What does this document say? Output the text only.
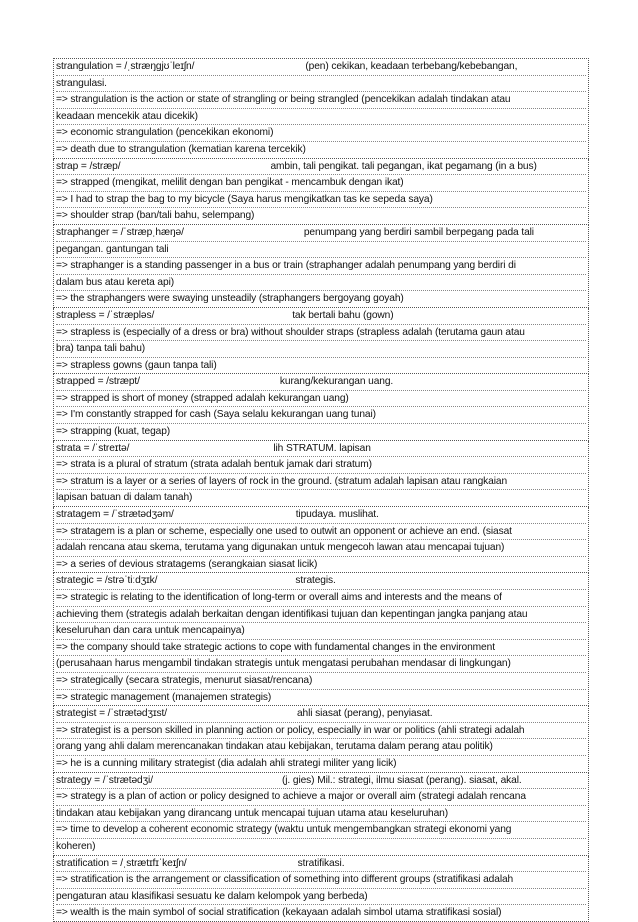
strangulation = /ˌstræŋgjʊˈleɪʃn/	(pen) cekikan, keadaan terbebang/kebebangan,
strangulasi.
=> strangulation is the action or state of strangling or being strangled (pencekikan adalah tindakan atau
keadaan mencekik atau dicekik)
=> economic strangulation (pencekikan ekonomi)
=> death due to strangulation (kematian karena tercekik)
strap = /stræp/	ambin, tali pengikat. tali pegangan, ikat pegamang (in a bus)
=> strapped (mengikat, melilit dengan ban pengikat - mencambuk dengan ikat)
=> I had to strap the bag to my bicycle (Saya harus mengikatkan tas ke sepeda saya)
=> shoulder strap (ban/tali bahu, selempang)
straphanger = /ˈstræpˌhæŋə/	penumpang yang berdiri sambil berpegang pada tali
pegangan. gantungan tali
=> straphanger is a standing passenger in a bus or train (straphanger adalah penumpang yang berdiri di
dalam bus atau kereta api)
=> the straphangers were swaying unsteadily (straphangers bergoyang goyah)
strapless = /ˈstræpləs/	tak bertali bahu (gown)
=> strapless is (especially of a dress or bra) without shoulder straps (strapless adalah (terutama gaun atau
bra) tanpa tali bahu)
=> strapless gowns (gaun tanpa tali)
strapped = /stræpt/	kurang/kekurangan uang.
=> strapped is short of money (strapped adalah kekurangan uang)
=> I'm constantly strapped for cash (Saya selalu kekurangan uang tunai)
=> strapping (kuat, tegap)
strata = /ˈstreɪtə/	lih STRATUM. lapisan
=> strata is a plural of stratum (strata adalah bentuk jamak dari stratum)
=> stratum is a layer or a series of layers of rock in the ground. (stratum adalah lapisan atau rangkaian
lapisan batuan di dalam tanah)
stratagem = /ˈstrætədʒəm/	tipudaya. muslihat.
=> stratagem is a plan or scheme, especially one used to outwit an opponent or achieve an end. (siasat
adalah rencana atau skema, terutama yang digunakan untuk mengecoh lawan atau mencapai tujuan)
=> a series of devious stratagems (serangkaian siasat licik)
strategic = /strəˈtiːdʒɪk/	strategis.
=> strategic is relating to the identification of long-term or overall aims and interests and the means of
achieving them (strategis adalah berkaitan dengan identifikasi tujuan dan kepentingan jangka panjang atau
keseluruhan dan cara untuk mencapainya)
=> the company should take strategic actions to cope with fundamental changes in the environment
(perusahaan harus mengambil tindakan strategis untuk mengatasi perubahan mendasar di lingkungan)
=> strategically (secara strategis, menurut siasat/rencana)
=> strategic management (manajemen strategis)
strategist = /ˈstrætədʒɪst/	ahli siasat (perang), penyiasat.
=> strategist is a person skilled in planning action or policy, especially in war or politics (ahli strategi adalah
orang yang ahli dalam merencanakan tindakan atau kebijakan, terutama dalam perang atau politik)
=> he is a cunning military strategist (dia adalah ahli strategi militer yang licik)
strategy = /ˈstrætədʒi/	(j. gies) Mil.: strategi, ilmu siasat (perang). siasat, akal.
=> strategy is a plan of action or policy designed to achieve a major or overall aim (strategi adalah rencana
tindakan atau kebijakan yang dirancang untuk mencapai tujuan utama atau keseluruhan)
=> time to develop a coherent economic strategy (waktu untuk mengembangkan strategi ekonomi yang
koheren)
stratification = /ˌstrætɪfɪˈkeɪʃn/	stratifikasi.
=> stratification is the arrangement or classification of something into different groups (stratifikasi adalah
pengaturan atau klasifikasi sesuatu ke dalam kelompok yang berbeda)
=> wealth is the main symbol of social stratification (kekayaan adalah simbol utama stratifikasi sosial)
